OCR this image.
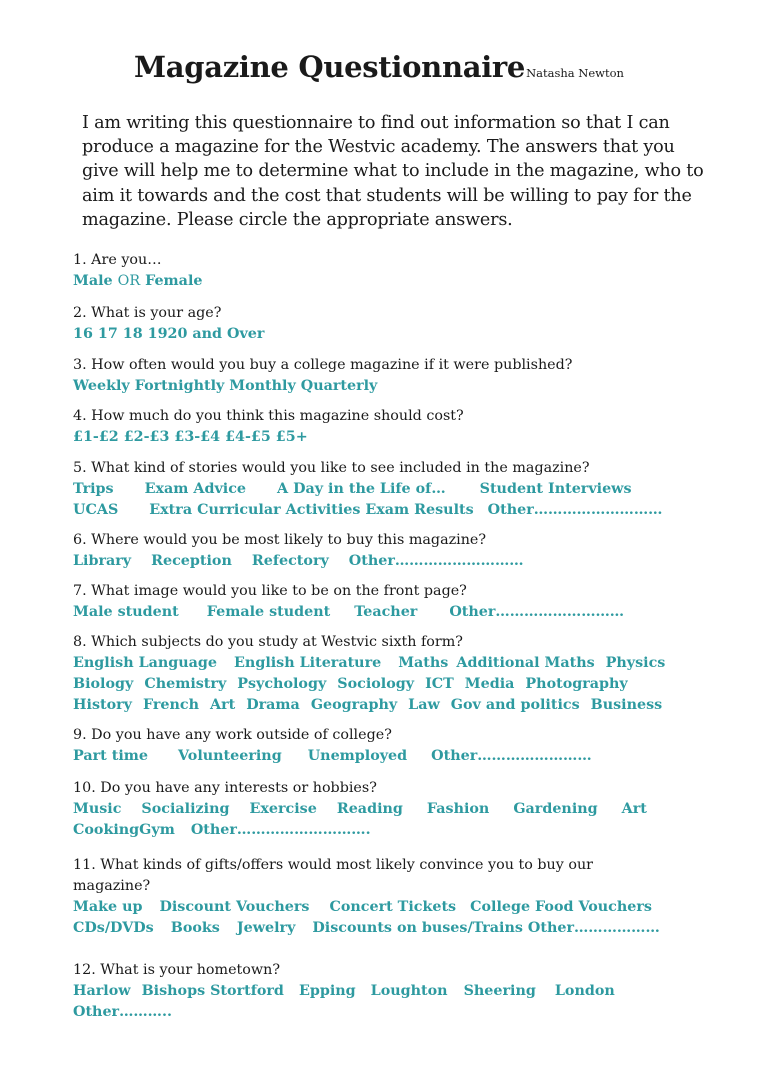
Magazine QuestionnaireNatasha Newton
I am writing this questionnaire to find out information so that I can produce a magazine for the Westvic academy. The answers that you give will help me to determine what to include in the magazine, who to aim it towards and the cost that students will be willing to pay for the magazine. Please circle the appropriate answers.
1. Are you…
Male OR Female
2. What is your age?
16 17 18 1920 and Over
3. How often would you buy a college magazine if it were published?
Weekly Fortnightly Monthly Quarterly
4. How much do you think this magazine should cost?
£1-£2 £2-£3 £3-£4 £4-£5 £5+
5. What kind of stories would you like to see included in the magazine?
Trips Exam Advice A Day in the Life of… Student Interviews
UCAS Extra Curricular Activities Exam Results Other………………………
6. Where would you be most likely to buy this magazine?
Library Reception Refectory Other………………………
7. What image would you like to be on the front page?
Male student Female student Teacher Other………………………
8. Which subjects do you study at Westvic sixth form?
English Language English Literature Maths Additional Maths Physics
Biology Chemistry Psychology Sociology ICT Media Photography
History French Art Drama Geography Law Gov and politics Business
9. Do you have any work outside of college?
Part time Volunteering Unemployed Other……………………
10. Do you have any interests or hobbies?
Music Socializing Exercise Reading Fashion Gardening Art
CookingGym Other……………………….
11. What kinds of gifts/offers would most likely convince you to buy our
magazine?
Make up Discount Vouchers Concert Tickets College Food Vouchers
CDs/DVDs Books Jewelry Discounts on buses/Trains Other………………
12. What is your hometown?
Harlow Bishops Stortford Epping Loughton Sheering London
Other………..
